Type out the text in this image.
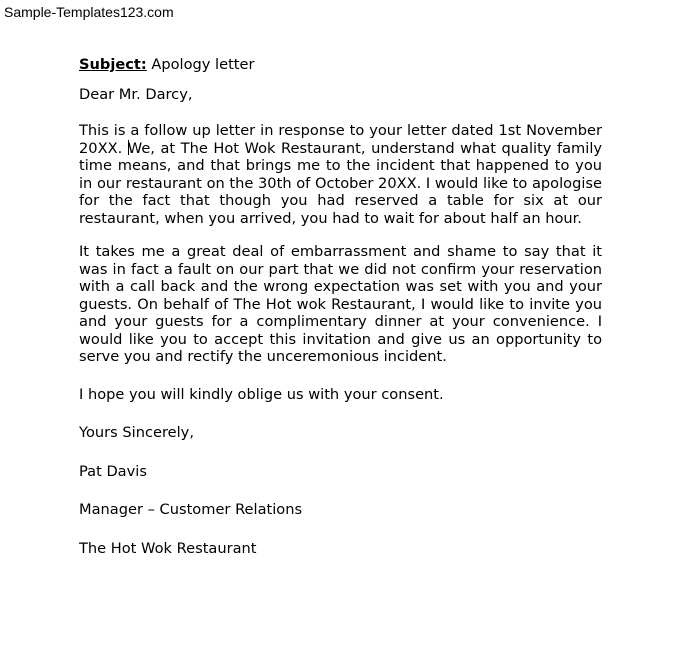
Sample-Templates123.com

Subject: Apology letter

Dear Mr. Darcy,

This is a follow up letter in response to your letter dated 1st November 20XX. We, at The Hot Wok Restaurant, understand what quality family time means, and that brings me to the incident that happened to you in our restaurant on the 30th of October 20XX. I would like to apologise for the fact that though you had reserved a table for six at our restaurant, when you arrived, you had to wait for about half an hour.

It takes me a great deal of embarrassment and shame to say that it was in fact a fault on our part that we did not confirm your reservation with a call back and the wrong expectation was set with you and your guests. On behalf of The Hot wok Restaurant, I would like to invite you and your guests for a complimentary dinner at your convenience. I would like you to accept this invitation and give us an opportunity to serve you and rectify the unceremonious incident.

I hope you will kindly oblige us with your consent.

Yours Sincerely,

Pat Davis

Manager – Customer Relations

The Hot Wok Restaurant
